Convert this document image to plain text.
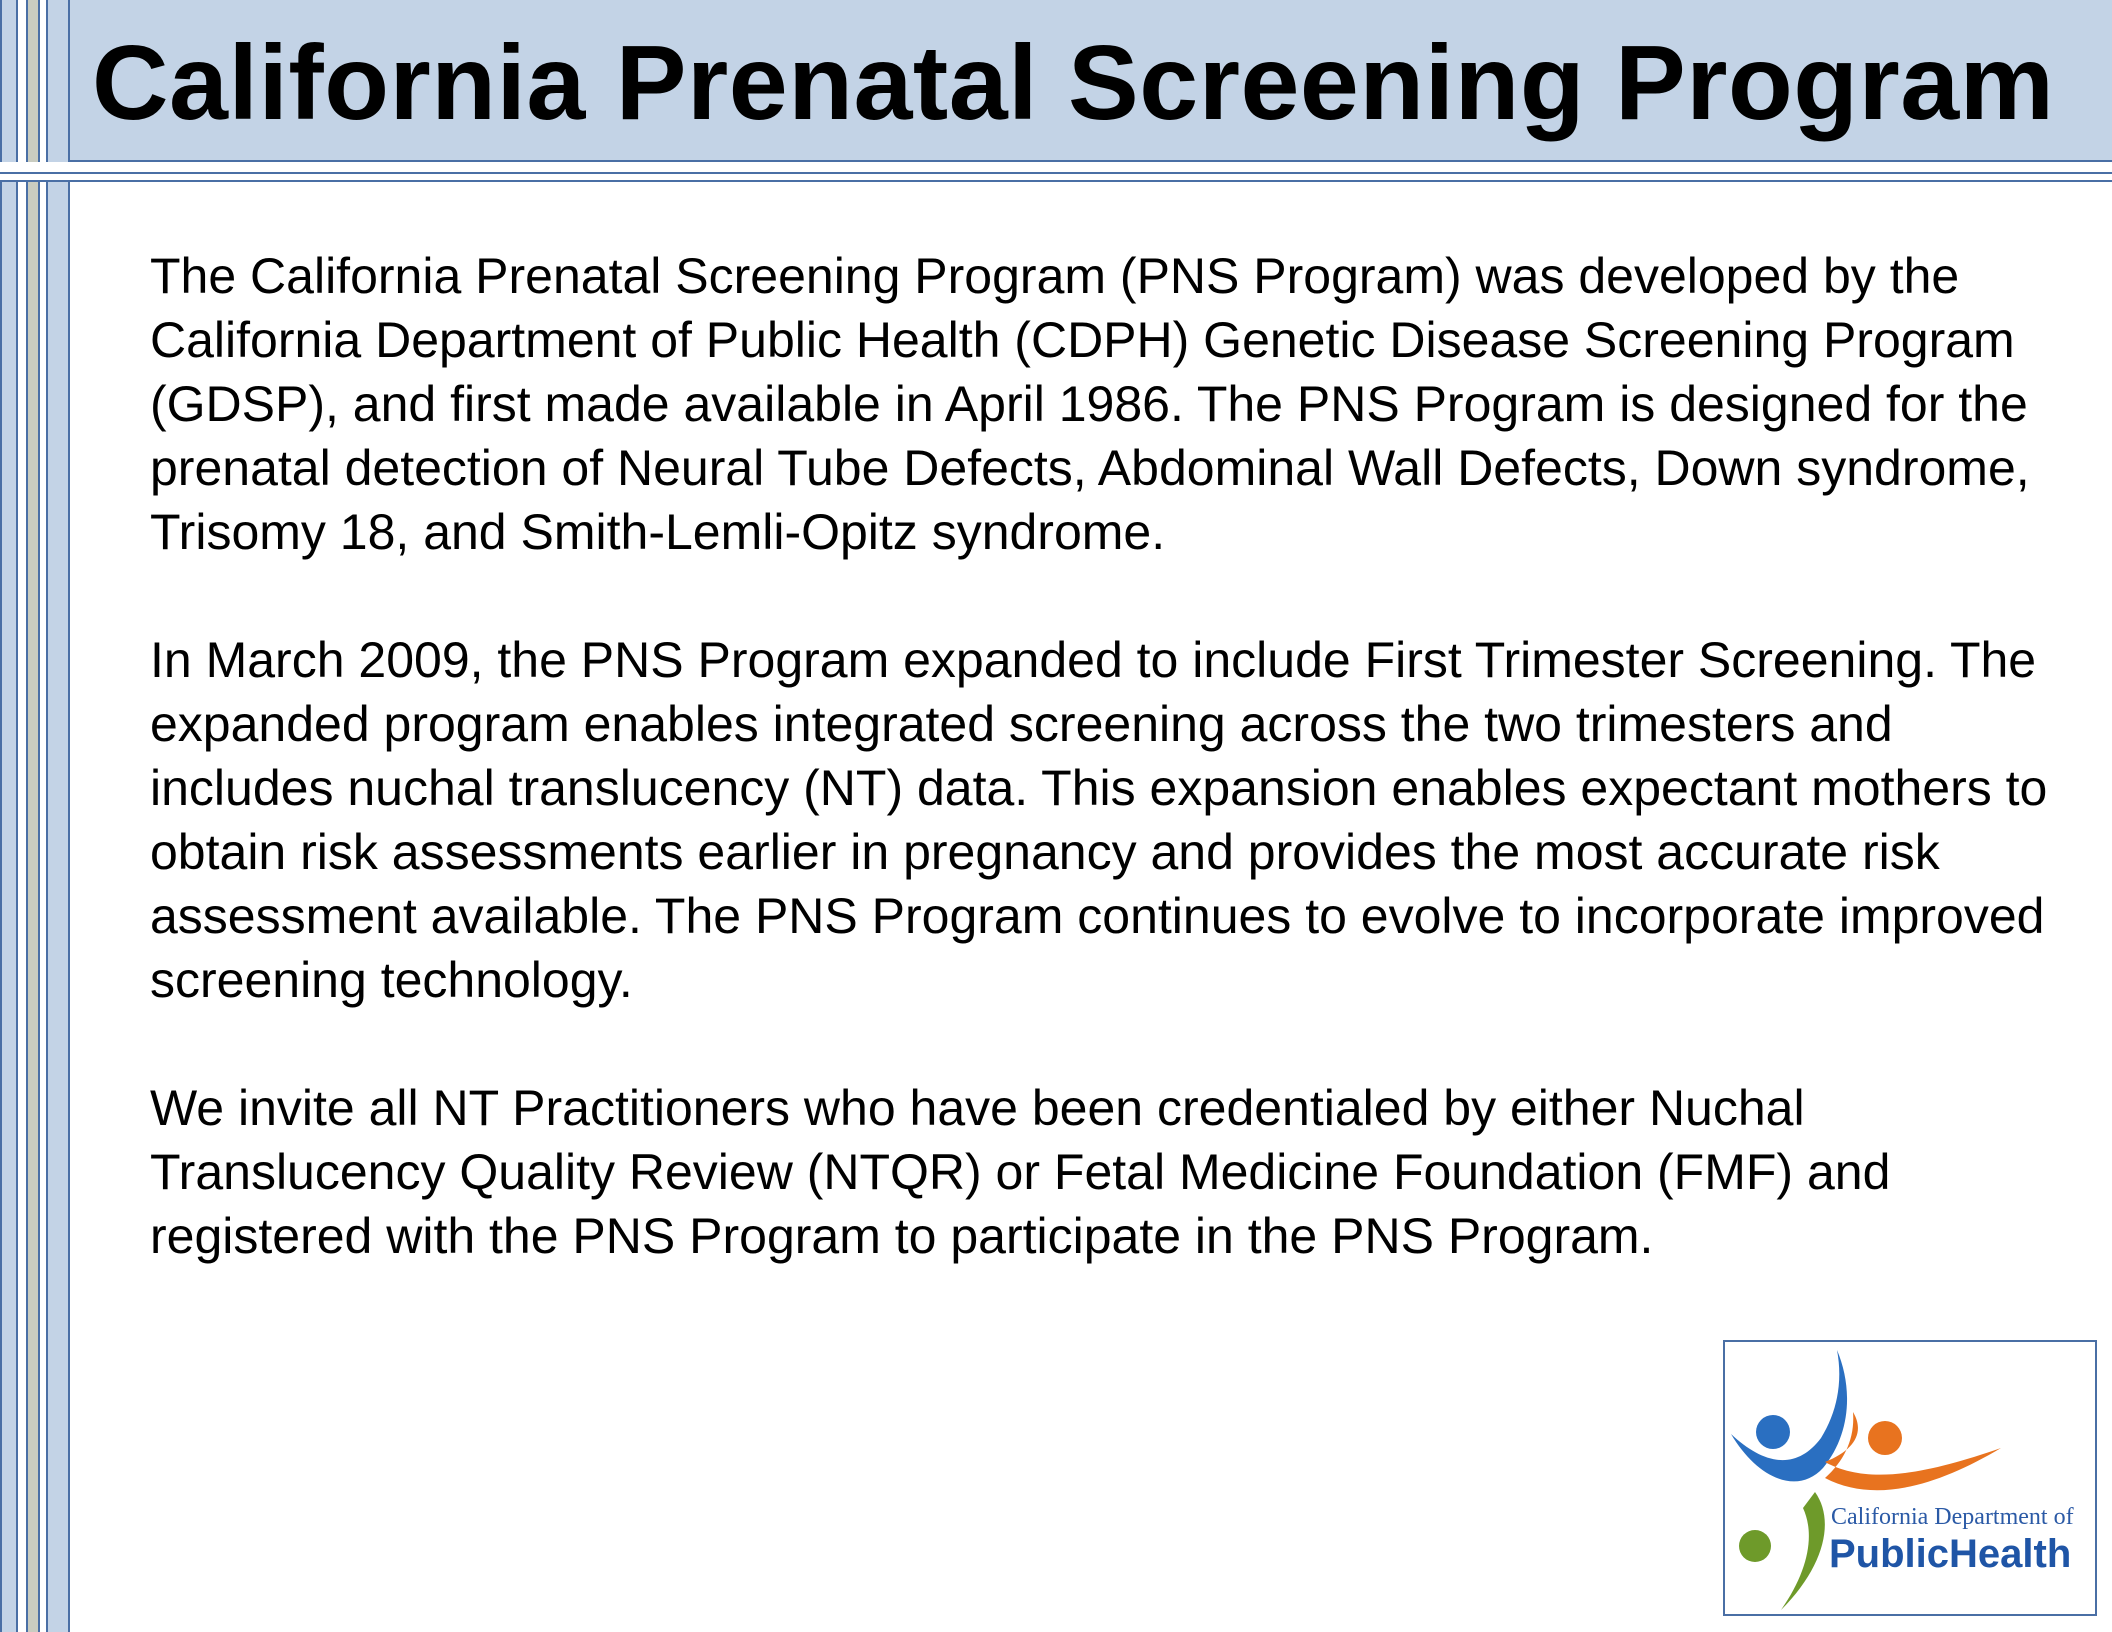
California Prenatal Screening Program

The California Prenatal Screening Program (PNS Program) was developed by the California Department of Public Health (CDPH) Genetic Disease Screening Program (GDSP), and first made available in April 1986. The PNS Program is designed for the prenatal detection of Neural Tube Defects, Abdominal Wall Defects, Down syndrome, Trisomy 18, and Smith-Lemli-Opitz syndrome.

In March 2009, the PNS Program expanded to include First Trimester Screening. The expanded program enables integrated screening across the two trimesters and includes nuchal translucency (NT) data. This expansion enables expectant mothers to obtain risk assessments earlier in pregnancy and provides the most accurate risk assessment available. The PNS Program continues to evolve to incorporate improved screening technology.

We invite all NT Practitioners who have been credentialed by either Nuchal Translucency Quality Review (NTQR) or Fetal Medicine Foundation (FMF) and registered with the PNS Program to participate in the PNS Program.

California Department of
PublicHealth
